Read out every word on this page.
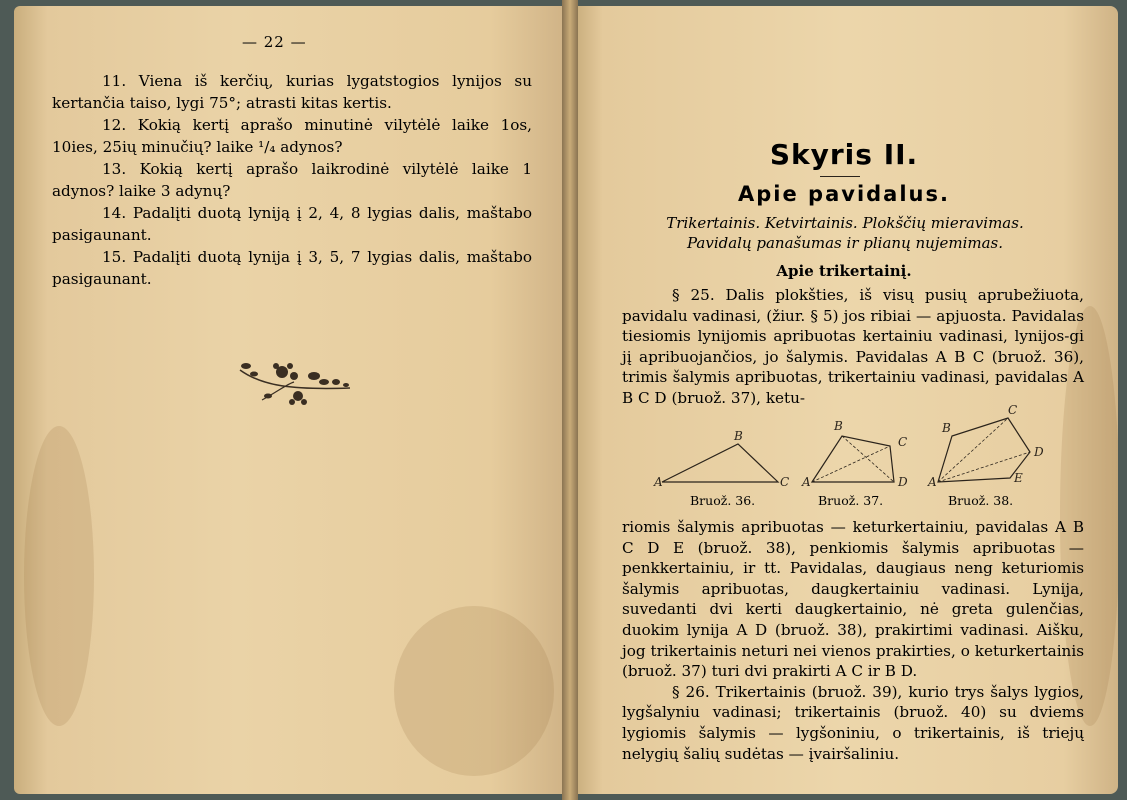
— 22 —

11. Viena iš kerčių, kurias lygatstogios lynijos su kertančia taiso, lygi 75°; atrasti kitas kertis.

12. Kokią kertį aprašo minutinė vilytėlė laike 1os, 10ies, 25ių minučių? laike ¹/₄ adynos?

13. Kokią kertį aprašo laikrodinė vilytėlė laike 1 adynos? laike 3 adynų?

14. Padalįti duotą lyniją į 2, 4, 8 lygias dalis, maštabo pasigaunant.

15. Padalįti duotą lynija į 3, 5, 7 lygias dalis, maštabo pasigaunant.

Skyris II.
Apie pavidalus.
Trikertainis. Ketvirtainis. Plokščių mieravimas.
Pavidalų panašumas ir plianų nujemimas.
Apie trikertainį.

§ 25. Dalis plokšties, iš visų pusių aprubežiuota, pavidalu vadinasi, (žiur. § 5) jos ribiai — apjuosta. Pavidalas tiesiomis lynijomis apribuotas kertainiu vadinasi, lynijos-gi jį apribuojančios, jo šalymis. Pavidalas A B C (bruož. 36), trimis šalymis apribuotas, trikertainiu vadinasi, pavidalas A B C D (bruož. 37), ketu-

B
A	C A
B
C
D A
B
C
D
E
Bruož. 36.	Bruož. 37.	Bruož. 38.

riomis šalymis apribuotas — keturkertainiu, pavidalas A B C D E (bruož. 38), penkiomis šalymis apribuotas — penkkertainiu, ir tt. Pavidalas, daugiaus neng keturiomis šalymis apribuotas, daugkertainiu vadinasi. Lynija, suvedanti dvi kerti daugkertainio, nė greta gulenčias, duokim lynija A D (bruož. 38), prakirtimi vadinasi. Aišku, jog trikertainis neturi nei vienos prakirties, o keturkertainis (bruož. 37) turi dvi prakirti A C ir B D.

§ 26. Trikertainis (bruož. 39), kurio trys šalys lygios, lygšalyniu vadinasi; trikertainis (bruož. 40) su dviems lygiomis šalymis — lygšoniniu, o trikertainis, iš triejų nelygių šalių sudėtas — įvairšaliniu.
